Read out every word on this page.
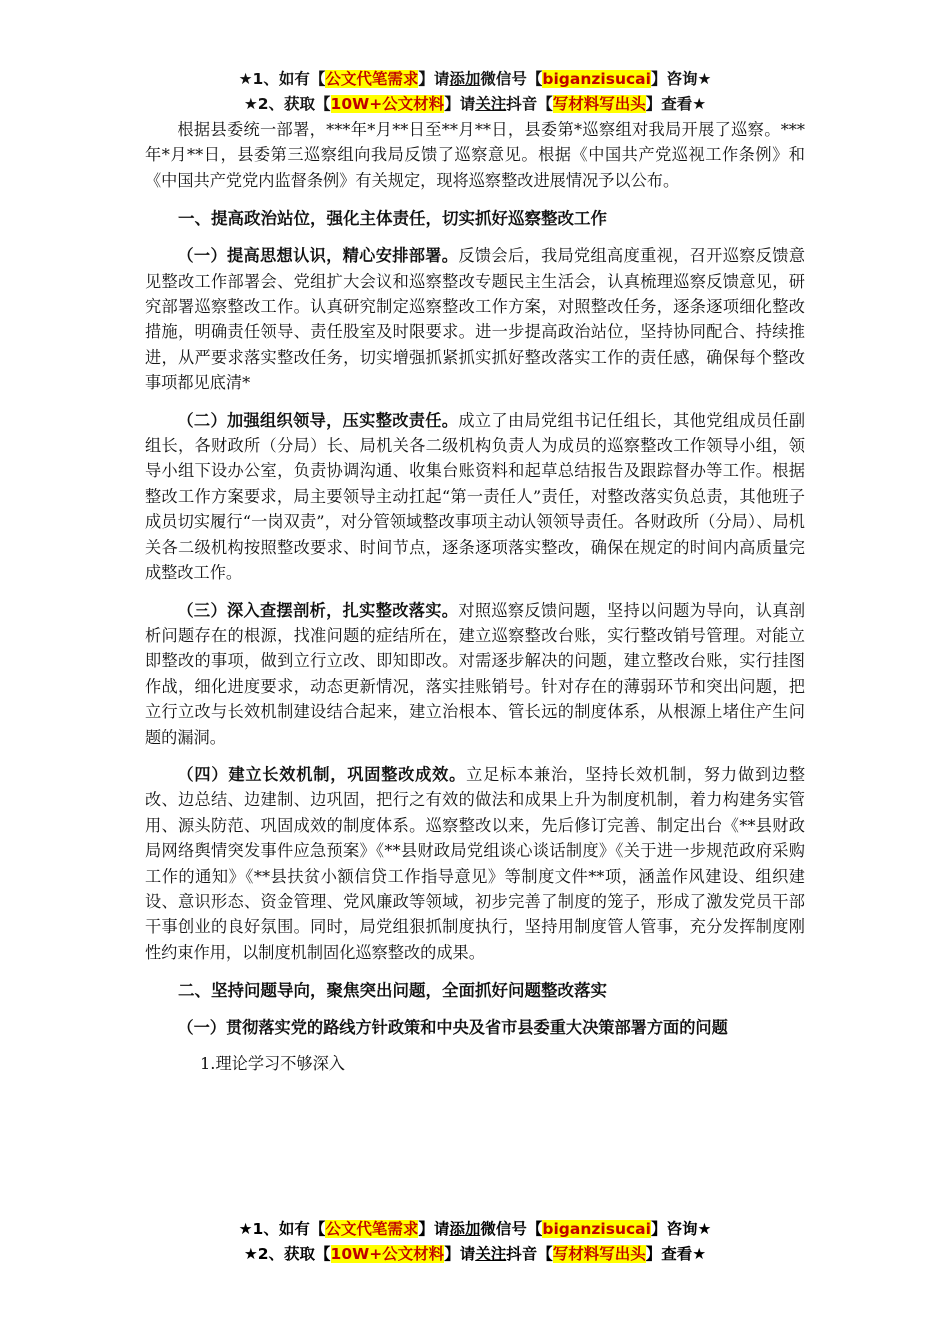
★1、如有【公文代笔需求】请添加微信号【biganzisucai】咨询★
★2、获取【10W+公文材料】请关注抖音【写材料写出头】查看★

根据县委统一部署，***年*月**日至**月**日，县委第*巡察组对我局开展了巡察。***年*月**日，县委第三巡察组向我局反馈了巡察意见。根据《中国共产党巡视工作条例》和《中国共产党党内监督条例》有关规定，现将巡察整改进展情况予以公布。

一、提高政治站位，强化主体责任，切实抓好巡察整改工作

（一）提高思想认识，精心安排部署。反馈会后，我局党组高度重视，召开巡察反馈意见整改工作部署会、党组扩大会议和巡察整改专题民主生活会，认真梳理巡察反馈意见，研究部署巡察整改工作。认真研究制定巡察整改工作方案，对照整改任务，逐条逐项细化整改措施，明确责任领导、责任股室及时限要求。进一步提高政治站位，坚持协同配合、持续推进，从严要求落实整改任务，切实增强抓紧抓实抓好整改落实工作的责任感，确保每个整改事项都见底清*

（二）加强组织领导，压实整改责任。成立了由局党组书记任组长，其他党组成员任副组长，各财政所（分局）长、局机关各二级机构负责人为成员的巡察整改工作领导小组，领导小组下设办公室，负责协调沟通、收集台账资料和起草总结报告及跟踪督办等工作。根据整改工作方案要求，局主要领导主动扛起“第一责任人”责任，对整改落实负总责，其他班子成员切实履行“一岗双责”，对分管领域整改事项主动认领领导责任。各财政所（分局）、局机关各二级机构按照整改要求、时间节点，逐条逐项落实整改，确保在规定的时间内高质量完成整改工作。

（三）深入查摆剖析，扎实整改落实。对照巡察反馈问题，坚持以问题为导向，认真剖析问题存在的根源，找准问题的症结所在，建立巡察整改台账，实行整改销号管理。对能立即整改的事项，做到立行立改、即知即改。对需逐步解决的问题，建立整改台账，实行挂图作战，细化进度要求，动态更新情况，落实挂账销号。针对存在的薄弱环节和突出问题，把立行立改与长效机制建设结合起来，建立治根本、管长远的制度体系，从根源上堵住产生问题的漏洞。

（四）建立长效机制，巩固整改成效。立足标本兼治，坚持长效机制，努力做到边整改、边总结、边建制、边巩固，把行之有效的做法和成果上升为制度机制，着力构建务实管用、源头防范、巩固成效的制度体系。巡察整改以来，先后修订完善、制定出台《**县财政局网络舆情突发事件应急预案》《**县财政局党组谈心谈话制度》《关于进一步规范政府采购工作的通知》《**县扶贫小额信贷工作指导意见》等制度文件**项，涵盖作风建设、组织建设、意识形态、资金管理、党风廉政等领域，初步完善了制度的笼子，形成了激发党员干部干事创业的良好氛围。同时，局党组狠抓制度执行，坚持用制度管人管事，充分发挥制度刚性约束作用，以制度机制固化巡察整改的成果。

二、坚持问题导向，聚焦突出问题，全面抓好问题整改落实

（一）贯彻落实党的路线方针政策和中央及省市县委重大决策部署方面的问题

1.理论学习不够深入

★1、如有【公文代笔需求】请添加微信号【biganzisucai】咨询★
★2、获取【10W+公文材料】请关注抖音【写材料写出头】查看★
